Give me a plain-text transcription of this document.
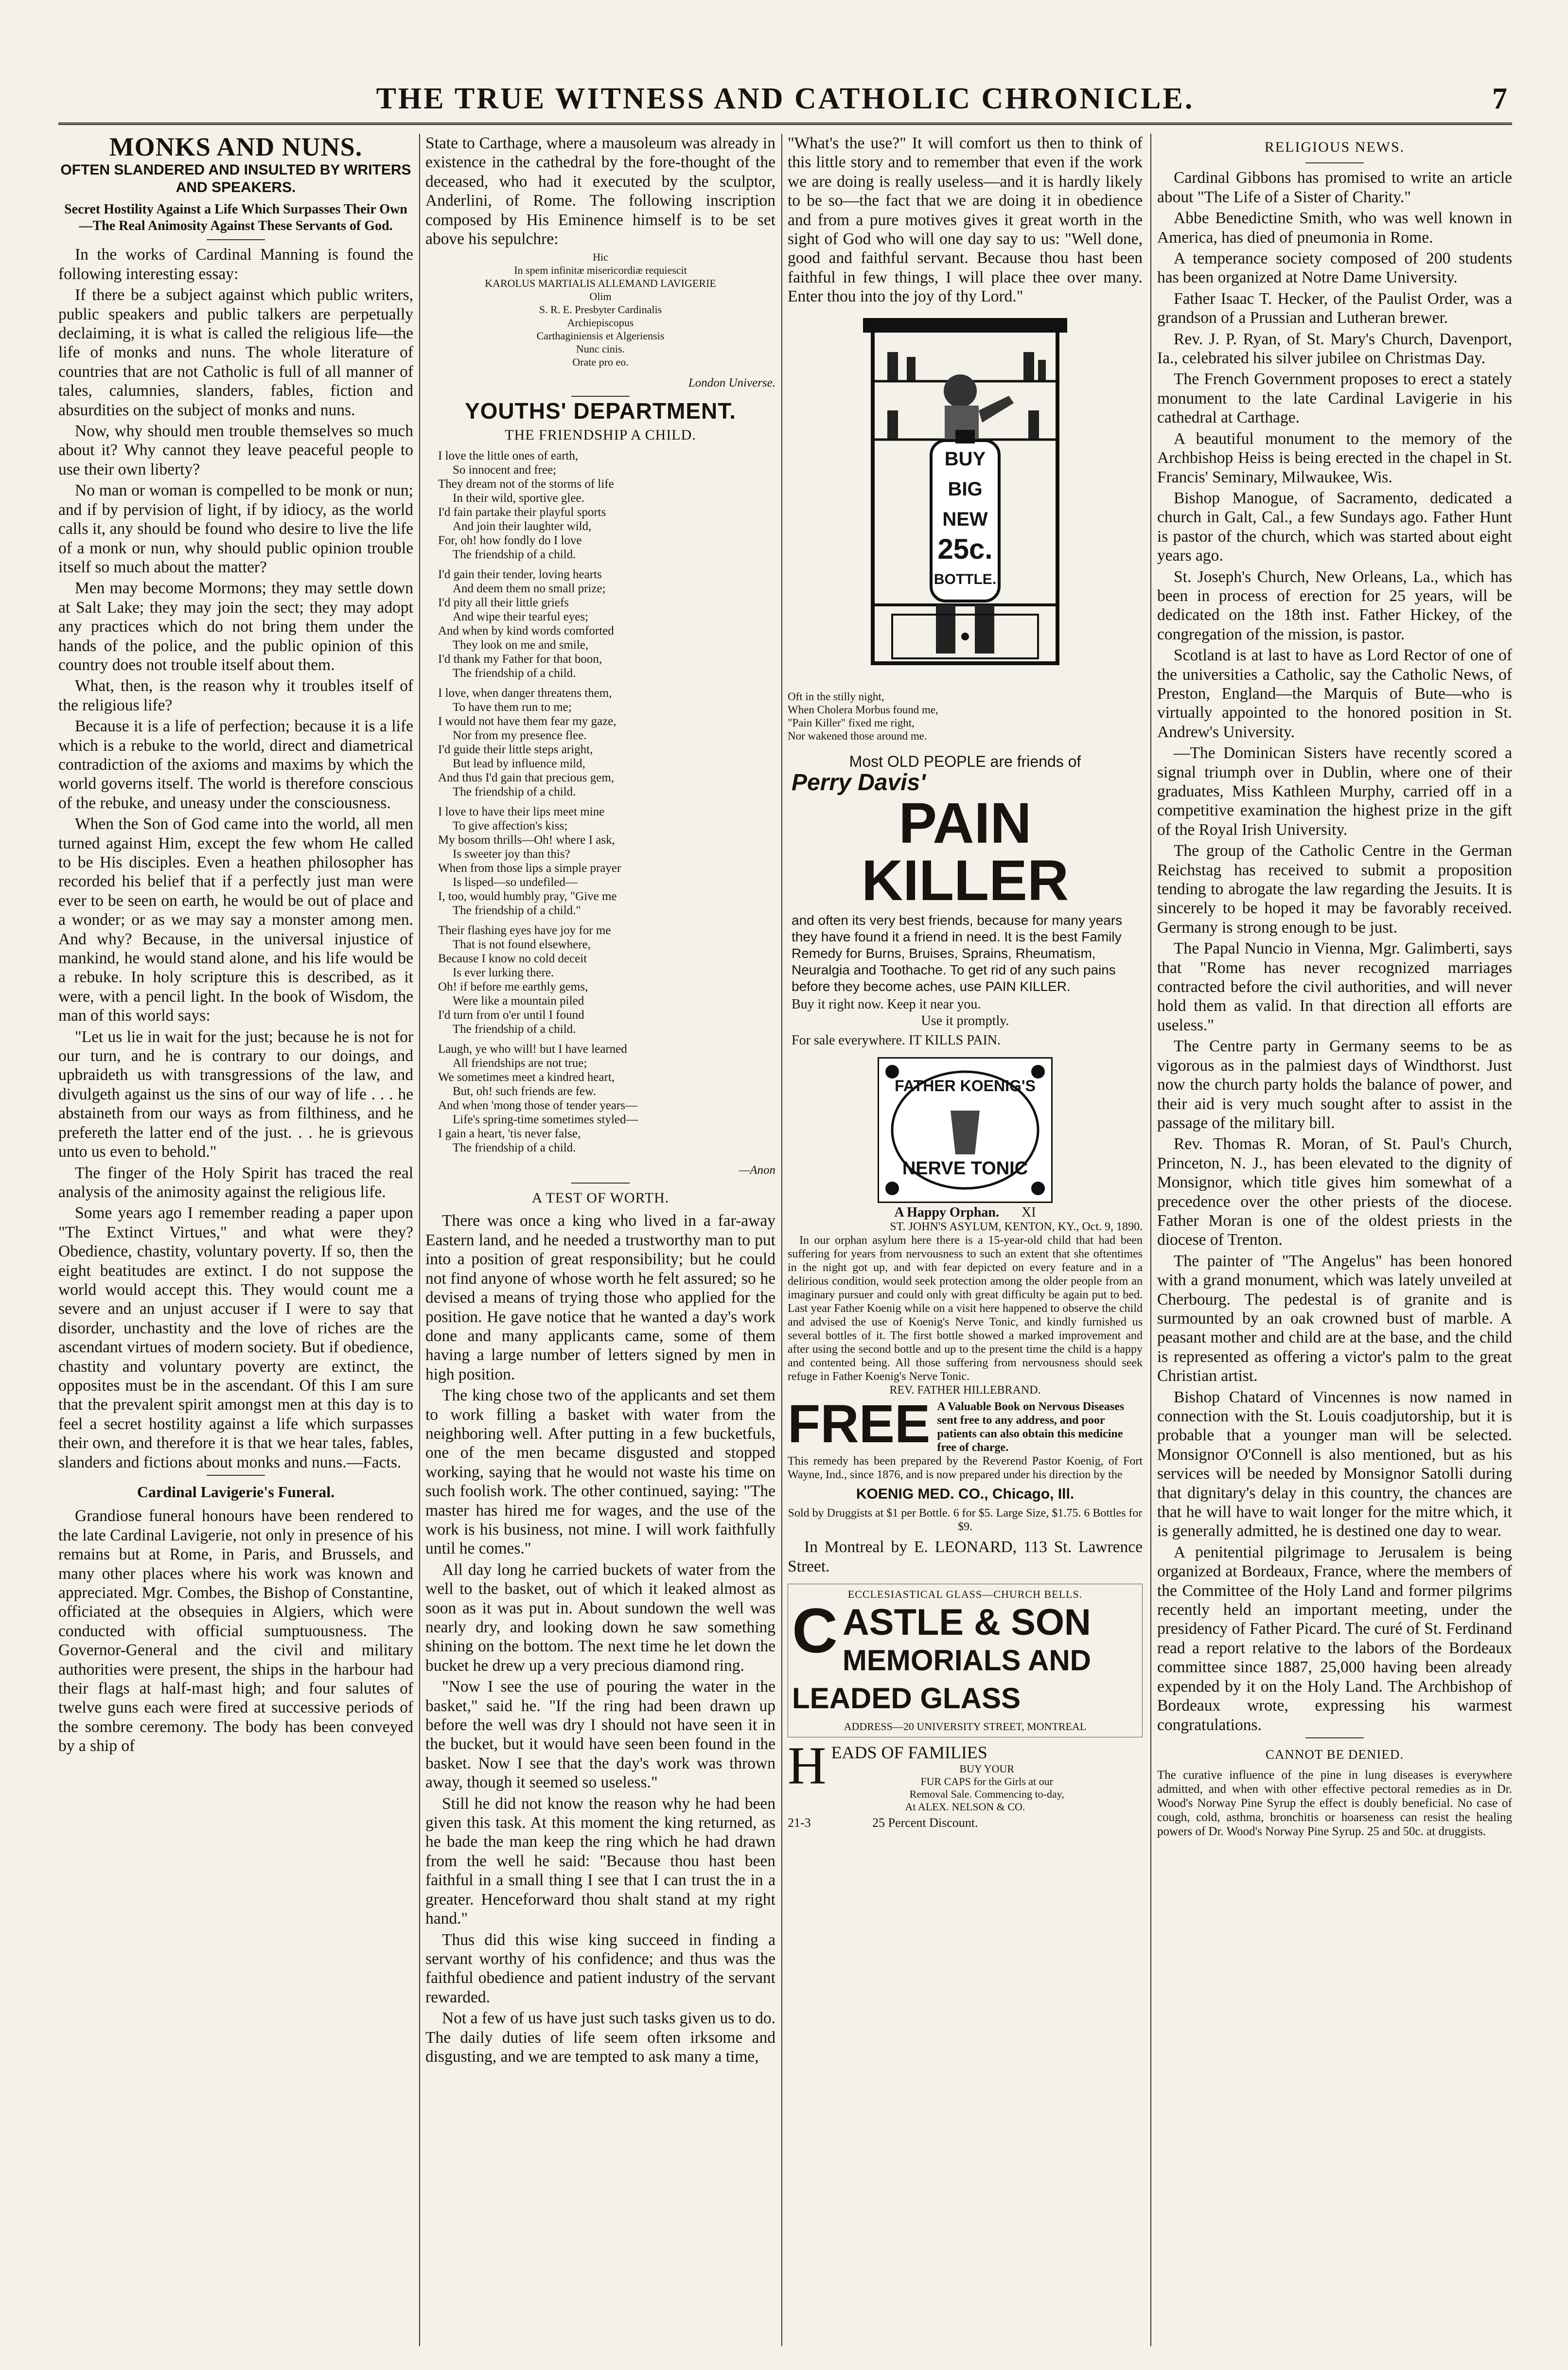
THE TRUE WITNESS AND CATHOLIC CHRONICLE.	7
MONKS AND NUNS.
OFTEN SLANDERED AND INSULTED BY WRITERS AND SPEAKERS.
Secret Hostility Against a Life Which Surpasses Their Own—The Real Animosity Against These Servants of God.

In the works of Cardinal Manning is found the following interesting essay:

If there be a subject against which public writers, public speakers and public talkers are perpetually declaiming, it is what is called the religious life—the life of monks and nuns. The whole literature of countries that are not Catholic is full of all manner of tales, calumnies, slanders, fables, fiction and absurdities on the subject of monks and nuns.

Now, why should men trouble themselves so much about it? Why cannot they leave peaceful people to use their own liberty?

No man or woman is compelled to be monk or nun; and if by pervision of light, if by idiocy, as the world calls it, any should be found who desire to live the life of a monk or nun, why should public opinion trouble itself so much about the matter?

Men may become Mormons; they may settle down at Salt Lake; they may join the sect; they may adopt any practices which do not bring them under the hands of the police, and the public opinion of this country does not trouble itself about them.

What, then, is the reason why it troubles itself of the religious life?

Because it is a life of perfection; because it is a life which is a rebuke to the world, direct and diametrical contradiction of the axioms and maxims by which the world governs itself. The world is therefore conscious of the rebuke, and uneasy under the consciousness.

When the Son of God came into the world, all men turned against Him, except the few whom He called to be His disciples. Even a heathen philosopher has recorded his belief that if a perfectly just man were ever to be seen on earth, he would be out of place and a wonder; or as we may say a monster among men. And why? Because, in the universal injustice of mankind, he would stand alone, and his life would be a rebuke. In holy scripture this is described, as it were, with a pencil light. In the book of Wisdom, the man of this world says:

"Let us lie in wait for the just; because he is not for our turn, and he is contrary to our doings, and upbraideth us with transgressions of the law, and divulgeth against us the sins of our way of life . . . he abstaineth from our ways as from filthiness, and he prefereth the latter end of the just. . . he is grievous unto us even to behold."

The finger of the Holy Spirit has traced the real analysis of the animosity against the religious life.

Some years ago I remember reading a paper upon "The Extinct Virtues," and what were they? Obedience, chastity, voluntary poverty. If so, then the eight beatitudes are extinct. I do not suppose the world would accept this. They would count me a severe and an unjust accuser if I were to say that disorder, unchastity and the love of riches are the ascendant virtues of modern society. But if obedience, chastity and voluntary poverty are extinct, the opposites must be in the ascendant. Of this I am sure that the prevalent spirit amongst men at this day is to feel a secret hostility against a life which surpasses their own, and therefore it is that we hear tales, fables, slanders and fictions about monks and nuns.—Facts.

Cardinal Lavigerie's Funeral.

Grandiose funeral honours have been rendered to the late Cardinal Lavigerie, not only in presence of his remains but at Rome, in Paris, and Brussels, and many other places where his work was known and appreciated. Mgr. Combes, the Bishop of Constantine, officiated at the obsequies in Algiers, which were conducted with official sumptuousness. The Governor-General and the civil and military authorities were present, the ships in the harbour had their flags at half-mast high; and four salutes of twelve guns each were fired at successive periods of the sombre ceremony. The body has been conveyed by a ship of

State to Carthage, where a mausoleum was already in existence in the cathedral by the fore-thought of the deceased, who had it executed by the sculptor, Anderlini, of Rome. The following inscription composed by His Eminence himself is to be set above his sepulchre:

Hic
In spem infinitæ misericordiæ requiescit
KAROLUS MARTIALIS ALLEMAND LAVIGERIE
Olim
S. R. E. Presbyter Cardinalis
Archiepiscopus
Carthaginiensis et Algeriensis
Nunc cinis.
Orate pro eo.
London Universe.
YOUTHS' DEPARTMENT.
THE FRIENDSHIP A CHILD.
I love the little ones of earth,
So innocent and free;
They dream not of the storms of life
In their wild, sportive glee.
I'd fain partake their playful sports
And join their laughter wild,
For, oh! how fondly do I love
The friendship of a child.
I'd gain their tender, loving hearts
And deem them no small prize;
I'd pity all their little griefs
And wipe their tearful eyes;
And when by kind words comforted
They look on me and smile,
I'd thank my Father for that boon,
The friendship of a child.
I love, when danger threatens them,
To have them run to me;
I would not have them fear my gaze,
Nor from my presence flee.
I'd guide their little steps aright,
But lead by influence mild,
And thus I'd gain that precious gem,
The friendship of a child.
I love to have their lips meet mine
To give affection's kiss;
My bosom thrills—Oh! where I ask,
Is sweeter joy than this?
When from those lips a simple prayer
Is lisped—so undefiled—
I, too, would humbly pray, "Give me
The friendship of a child."
Their flashing eyes have joy for me
That is not found elsewhere,
Because I know no cold deceit
Is ever lurking there.
Oh! if before me earthly gems,
Were like a mountain piled
I'd turn from o'er until I found
The friendship of a child.
Laugh, ye who will! but I have learned
All friendships are not true;
We sometimes meet a kindred heart,
But, oh! such friends are few.
And when 'mong those of tender years—
Life's spring-time sometimes styled—
I gain a heart, 'tis never false,
The friendship of a child.
—Anon
A TEST OF WORTH.

There was once a king who lived in a far-away Eastern land, and he needed a trustworthy man to put into a position of great responsibility; but he could not find anyone of whose worth he felt assured; so he devised a means of trying those who applied for the position. He gave notice that he wanted a day's work done and many applicants came, some of them having a large number of letters signed by men in high position.

The king chose two of the applicants and set them to work filling a basket with water from the neighboring well. After putting in a few bucketfuls, one of the men became disgusted and stopped working, saying that he would not waste his time on such foolish work. The other continued, saying: "The master has hired me for wages, and the use of the work is his business, not mine. I will work faithfully until he comes."

All day long he carried buckets of water from the well to the basket, out of which it leaked almost as soon as it was put in. About sundown the well was nearly dry, and looking down he saw something shining on the bottom. The next time he let down the bucket he drew up a very precious diamond ring.

"Now I see the use of pouring the water in the basket," said he. "If the ring had been drawn up before the well was dry I should not have seen it in the bucket, but it would have seen been found in the basket. Now I see that the day's work was thrown away, though it seemed so useless."

Still he did not know the reason why he had been given this task. At this moment the king returned, as he bade the man keep the ring which he had drawn from the well he said: "Because thou hast been faithful in a small thing I see that I can trust the in a greater. Henceforward thou shalt stand at my right hand."

Thus did this wise king succeed in finding a servant worthy of his confidence; and thus was the faithful obedience and patient industry of the servant rewarded.

Not a few of us have just such tasks given us to do. The daily duties of life seem often irksome and disgusting, and we are tempted to ask many a time,

"What's the use?" It will comfort us then to think of this little story and to remember that even if the work we are doing is really useless—and it is hardly likely to be so—the fact that we are doing it in obedience and from a pure motives gives it great worth in the sight of God who will one day say to us: "Well done, good and faithful servant. Because thou hast been faithful in few things, I will place thee over many. Enter thou into the joy of thy Lord."

BUY
BIG
NEW
25c.
BOTTLE.
Oft in the stilly night,
When Cholera Morbus found me,
"Pain Killer" fixed me right,
Nor wakened those around me.
Most OLD PEOPLE are friends of
Perry Davis'
PAIN
KILLER
and often its very best friends, because for many years they have found it a friend in need. It is the best Family Remedy for Burns, Bruises, Sprains, Rheumatism, Neuralgia and Toothache. To get rid of any such pains before they become aches, use PAIN KILLER.
Buy it right now. Keep it near you.
Use it promptly.
For sale everywhere. IT KILLS PAIN.
FATHER KOENIG'S
NERVE TONIC
A Happy Orphan. XI
ST. JOHN'S ASYLUM, KENTON, KY., Oct. 9, 1890.
In our orphan asylum here there is a 15-year-old child that had been suffering for years from nervousness to such an extent that she oftentimes in the night got up, and with fear depicted on every feature and in a delirious condition, would seek protection among the older people from an imaginary pursuer and could only with great difficulty be again put to bed. Last year Father Koenig while on a visit here happened to observe the child and advised the use of Koenig's Nerve Tonic, and kindly furnished us several bottles of it. The first bottle showed a marked improvement and after using the second bottle and up to the present time the child is a happy and contented being. All those suffering from nervousness should seek refuge in Father Koenig's Nerve Tonic.
REV. FATHER HILLEBRAND.
FREE A Valuable Book on Nervous Diseases sent free to any address, and poor patients can also obtain this medicine free of charge.
This remedy has been prepared by the Reverend Pastor Koenig, of Fort Wayne, Ind., since 1876, and is now prepared under his direction by the
KOENIG MED. CO., Chicago, Ill.
Sold by Druggists at $1 per Bottle. 6 for $5. Large Size, $1.75. 6 Bottles for $9.

In Montreal by E. LEONARD, 113 St. Lawrence Street.

ECCLESIASTICAL GLASS—CHURCH BELLS.
C ASTLE & SON
MEMORIALS AND
LEADED GLASS
ADDRESS—20 UNIVERSITY STREET, MONTREAL
H EADS OF FAMILIES
BUY YOUR
FUR CAPS for the Girls at our
Removal Sale. Commencing to-day,
At ALEX. NELSON & CO.
21-3	25 Percent Discount.
RELIGIOUS NEWS.

Cardinal Gibbons has promised to write an article about "The Life of a Sister of Charity."

Abbe Benedictine Smith, who was well known in America, has died of pneumonia in Rome.

A temperance society composed of 200 students has been organized at Notre Dame University.

Father Isaac T. Hecker, of the Paulist Order, was a grandson of a Prussian and Lutheran brewer.

Rev. J. P. Ryan, of St. Mary's Church, Davenport, Ia., celebrated his silver jubilee on Christmas Day.

The French Government proposes to erect a stately monument to the late Cardinal Lavigerie in his cathedral at Carthage.

A beautiful monument to the memory of the Archbishop Heiss is being erected in the chapel in St. Francis' Seminary, Milwaukee, Wis.

Bishop Manogue, of Sacramento, dedicated a church in Galt, Cal., a few Sundays ago. Father Hunt is pastor of the church, which was started about eight years ago.

St. Joseph's Church, New Orleans, La., which has been in process of erection for 25 years, will be dedicated on the 18th inst. Father Hickey, of the congregation of the mission, is pastor.

Scotland is at last to have as Lord Rector of one of the universities a Catholic, say the Catholic News, of Preston, England—the Marquis of Bute—who is virtually appointed to the honored position in St. Andrew's University.

—The Dominican Sisters have recently scored a signal triumph over in Dublin, where one of their graduates, Miss Kathleen Murphy, carried off in a competitive examination the highest prize in the gift of the Royal Irish University.

The group of the Catholic Centre in the German Reichstag has received to submit a proposition tending to abrogate the law regarding the Jesuits. It is sincerely to be hoped it may be favorably received. Germany is strong enough to be just.

The Papal Nuncio in Vienna, Mgr. Galimberti, says that "Rome has never recognized marriages contracted before the civil authorities, and will never hold them as valid. In that direction all efforts are useless."

The Centre party in Germany seems to be as vigorous as in the palmiest days of Windthorst. Just now the church party holds the balance of power, and their aid is very much sought after to assist in the passage of the military bill.

Rev. Thomas R. Moran, of St. Paul's Church, Princeton, N. J., has been elevated to the dignity of Monsignor, which title gives him somewhat of a precedence over the other priests of the diocese. Father Moran is one of the oldest priests in the diocese of Trenton.

The painter of "The Angelus" has been honored with a grand monument, which was lately unveiled at Cherbourg. The pedestal is of granite and is surmounted by an oak crowned bust of marble. A peasant mother and child are at the base, and the child is represented as offering a victor's palm to the great Christian artist.

Bishop Chatard of Vincennes is now named in connection with the St. Louis coadjutorship, but it is probable that a younger man will be selected. Monsignor O'Connell is also mentioned, but as his services will be needed by Monsignor Satolli during that dignitary's delay in this country, the chances are that he will have to wait longer for the mitre which, it is generally admitted, he is destined one day to wear.

A penitential pilgrimage to Jerusalem is being organized at Bordeaux, France, where the members of the Committee of the Holy Land and former pilgrims recently held an important meeting, under the presidency of Father Picard. The curé of St. Ferdinand read a report relative to the labors of the Bordeaux committee since 1887, 25,000 having been already expended by it on the Holy Land. The Archbishop of Bordeaux wrote, expressing his warmest congratulations.

CANNOT BE DENIED.
The curative influence of the pine in lung diseases is everywhere admitted, and when with other effective pectoral remedies as in Dr. Wood's Norway Pine Syrup the effect is doubly beneficial. No case of cough, cold, asthma, bronchitis or hoarseness can resist the healing powers of Dr. Wood's Norway Pine Syrup. 25 and 50c. at druggists.
